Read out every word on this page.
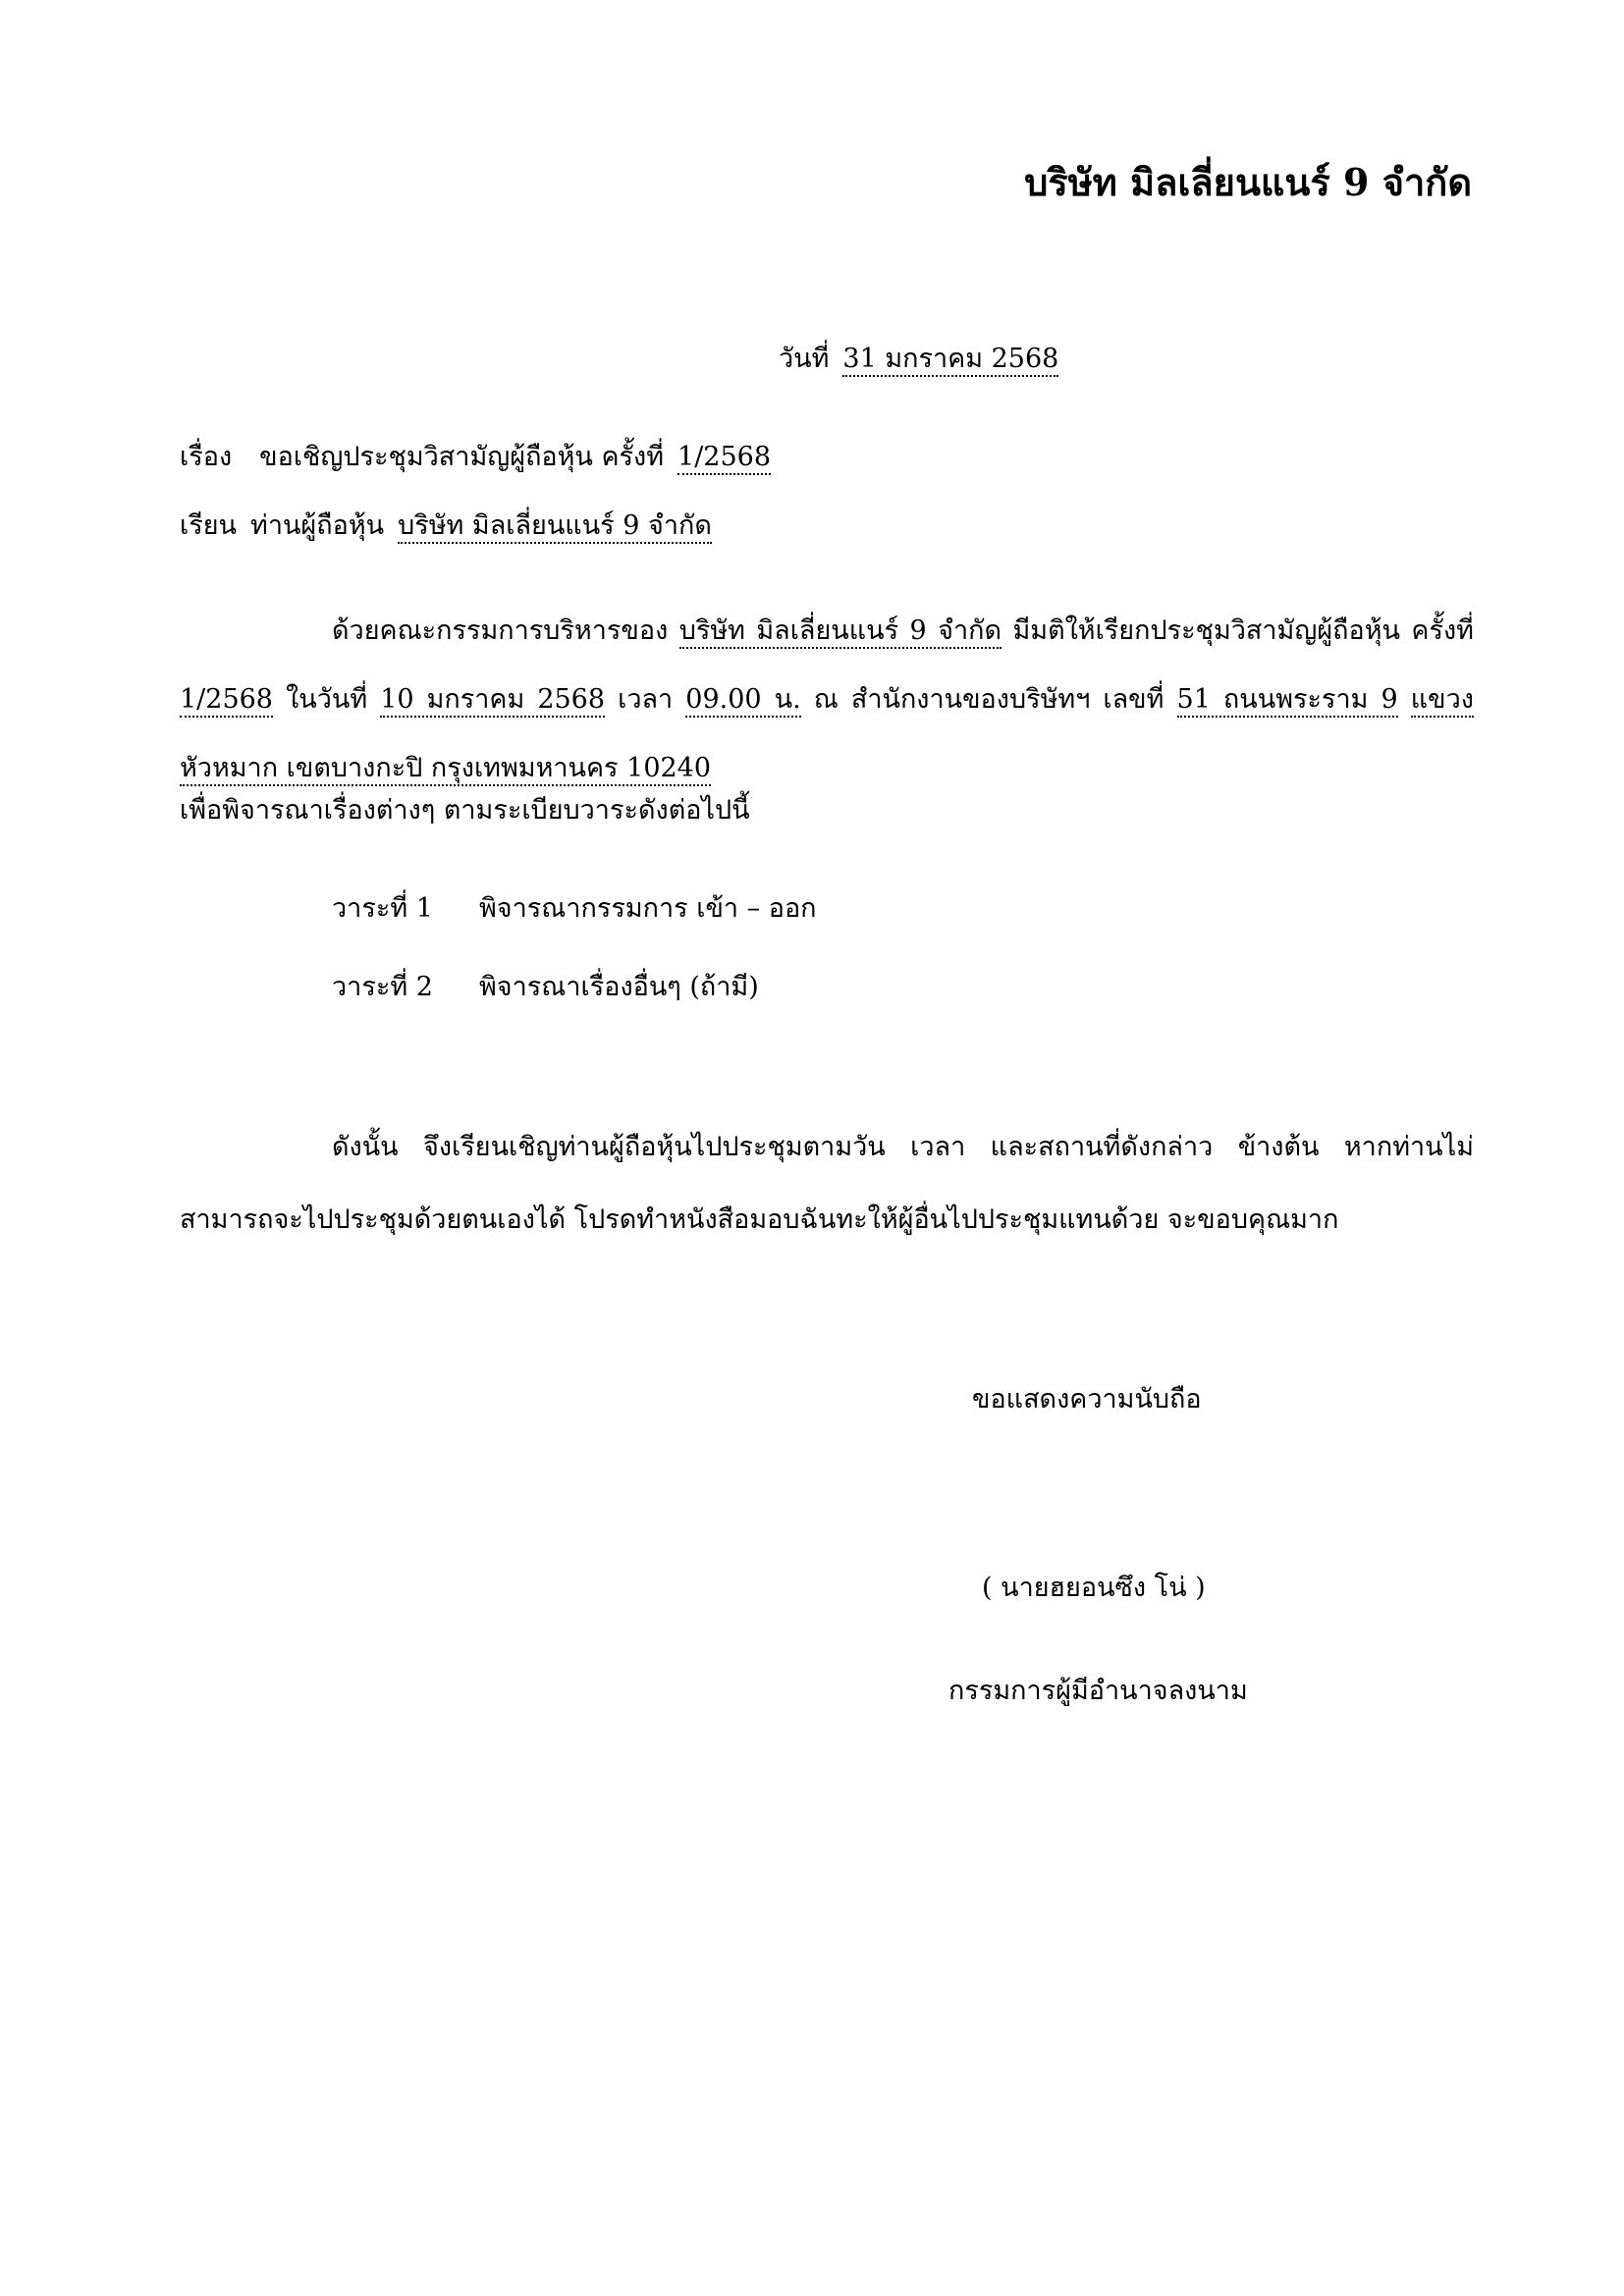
บริษัท มิลเลี่ยนแนร์ 9 จำกัด
วันที่ 31 มกราคม 2568
เรื่อง ขอเชิญประชุมวิสามัญผู้ถือหุ้น ครั้งที่ 1/2568
เรียน ท่านผู้ถือหุ้น บริษัท มิลเลี่ยนแนร์ 9 จำกัด
ด้วยคณะกรรมการบริหารของ บริษัท มิลเลี่ยนแนร์ 9 จำกัด มีมติให้เรียกประชุมวิสามัญผู้ถือหุ้น ครั้งที่ 1/2568 ในวันที่ 10 มกราคม 2568 เวลา 09.00 น. ณ สำนักงานของบริษัทฯ เลขที่ 51 ถนนพระราม 9 แขวงหัวหมาก เขตบางกะปิ กรุงเทพมหานคร 10240
เพื่อพิจารณาเรื่องต่างๆ ตามระเบียบวาระดังต่อไปนี้
วาระที่ 1 พิจารณากรรมการ เข้า – ออก
วาระที่ 2 พิจารณาเรื่องอื่นๆ (ถ้ามี)
ดังนั้น จึงเรียนเชิญท่านผู้ถือหุ้นไปประชุมตามวัน เวลา และสถานที่ดังกล่าว ข้างต้น หากท่านไม่สามารถจะไปประชุมด้วยตนเองได้ โปรดทำหนังสือมอบฉันทะให้ผู้อื่นไปประชุมแทนด้วย จะขอบคุณมาก
ขอแสดงความนับถือ
( นายฮยอนซึง โน่ )
กรรมการผู้มีอำนาจลงนาม
